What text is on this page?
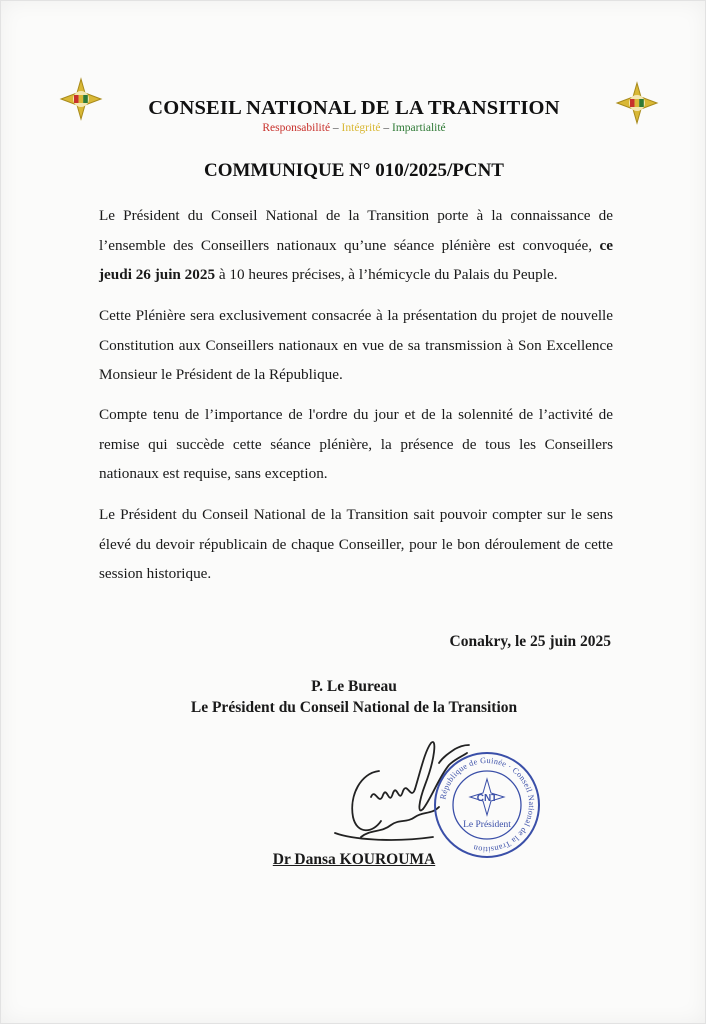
CONSEIL NATIONAL DE LA TRANSITION
Responsabilité – Intégrité – Impartialité
COMMUNIQUE N° 010/2025/PCNT

Le Président du Conseil National de la Transition porte à la connaissance de l’ensemble des Conseillers nationaux qu’une séance plénière est convoquée, ce jeudi 26 juin 2025 à 10 heures précises, à l’hémicycle du Palais du Peuple.

Cette Plénière sera exclusivement consacrée à la présentation du projet de nouvelle Constitution aux Conseillers nationaux en vue de sa transmission à Son Excellence Monsieur le Président de la République.

Compte tenu de l’importance de l'ordre du jour et de la solennité de l’activité de remise qui succède cette séance plénière, la présence de tous les Conseillers nationaux est requise, sans exception.

Le Président du Conseil National de la Transition sait pouvoir compter sur le sens élevé du devoir républicain de chaque Conseiller, pour le bon déroulement de cette session historique.

Conakry, le 25 juin 2025
P. Le Bureau
Le Président du Conseil National de la Transition
République de Guinée · Conseil National de la Transition
CNT
Le Président
Dr Dansa KOUROUMA
